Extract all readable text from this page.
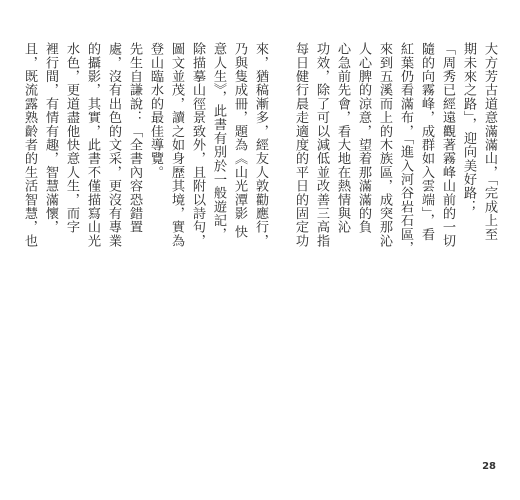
大方芳古道意滿滿山，「完成上至
期未來之路」，迎向美好路；
「周秀已經遠觀著霧峰山前的一切
隨的向霧峰，成群如入雲端」，看
紅葉仍看滿布，「進入河谷岩石區，
來到五溪而上的木族區，成突那沁
人心脾的涼意，望着那滿滿的負
心急前先會，看大地在熱情與沁
功效，除了可以減低並改善三高指
每日健行晨走適度的平日的固定功
來，猶稿漸多，經友人敦勸應行，
乃與隻成冊，題為《山光潭影 快
意人生》，此書有別於一般遊記，
除描摹山徑景致外，且附以詩句，
圖文並茂，讀之如身歷其境，實為
登山臨水的最佳導覽。
先生自謙說：「全書內容恐錯置
處，沒有出色的文采，更沒有專業
的攝影，其實，此書不僅描寫山光
水色，更道盡他快意人生，而字
裡行間，有情有趣，智慧滿懷，
且，既流露熟齡者的生活智慧，也
28
